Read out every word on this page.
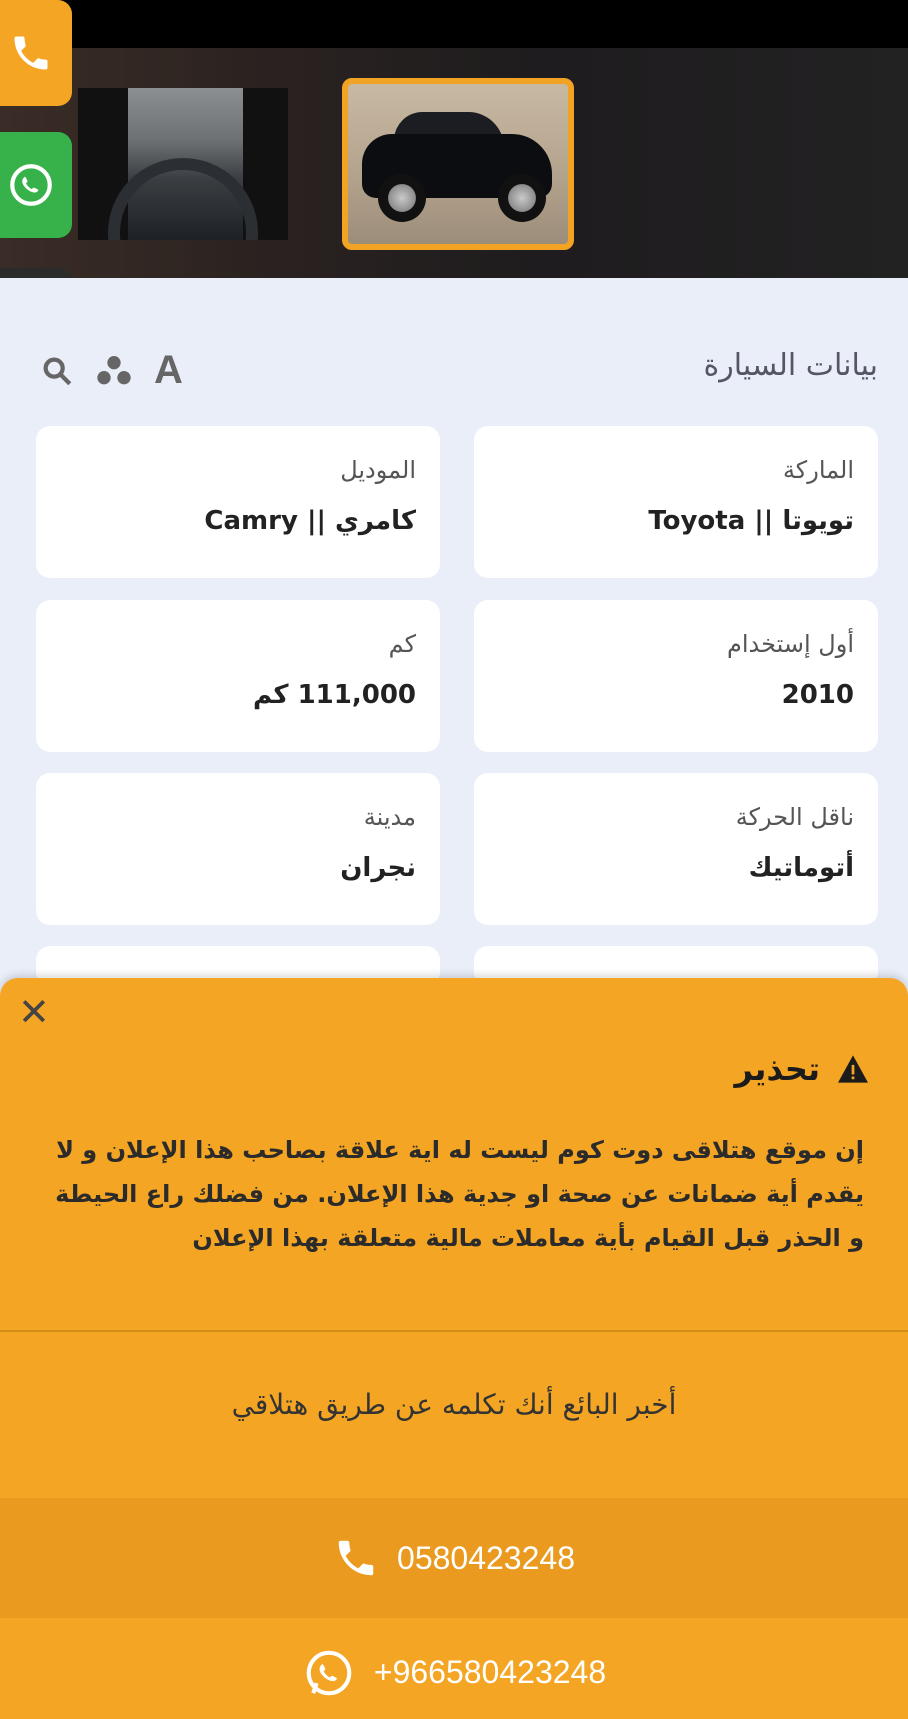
بيانات السيارة
A
الماركة
تويوتا || Toyota
الموديل
كامري || Camry
أول إستخدام
2010
كم
111,000 كم
ناقل الحركة
أتوماتيك
مدينة
نجران
✕
تحذير
إن موقع هتلاقى دوت كوم ليست له اية علاقة بصاحب هذا الإعلان و لا يقدم أية ضمانات عن صحة او جدية هذا الإعلان. من فضلك راع الحيطة و الحذر قبل القيام بأية معاملات مالية متعلقة بهذا الإعلان
أخبر البائع أنك تكلمه عن طريق هتلاقي
0580423248
+966580423248
